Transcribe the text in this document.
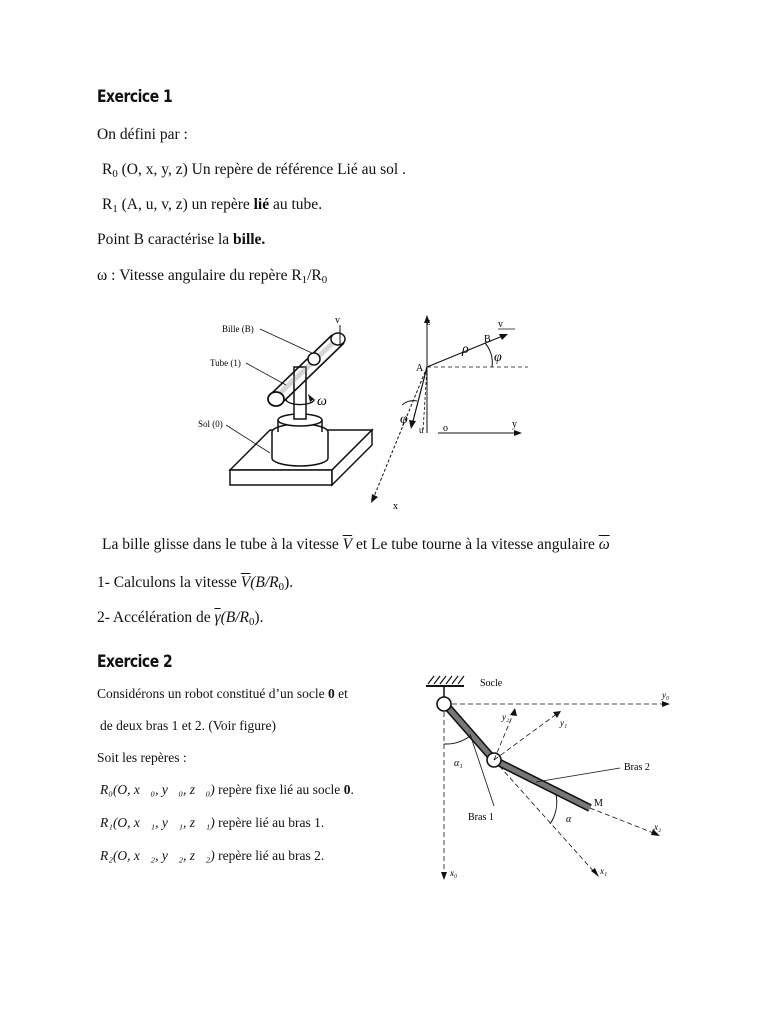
Exercice 1
On défini par :
$R_0$ (O, x, y, z) Un repère de référence Lié au sol .
$R_1$ (A, u, v, z) un repère lié au tube.
Point B caractérise la bille.
ω : Vitesse angulaire du repère $R_1/R_0$
ω
v
Bille (B)
Tube (1)
Sol (0)
z
y
o
x
A
B
ρ
v
φ
u
φ
La bille glisse dans le tube à la vitesse $\overline{V}$ et Le tube tourne à la vitesse angulaire $\overline{\omega}$
1- Calculons la vitesse $\overline{V}(B/R_0)$.
2- Accélération de $\overline{\gamma}(B/R_0)$.
Exercice 2
Considérons un robot constitué d’un socle 0 et
de deux bras 1 et 2. (Voir figure)
Soit les repères :
R₀(O, x⃗₀, y⃗₀, z⃗₀) repère fixe lié au socle 0.
R₁(O, x⃗₁, y⃗₁, z⃗₁) repère lié au bras 1.
R₂(O, x⃗₂, y⃗₂, z⃗₂) repère lié au bras 2.
Socle
y₀
x₀	x₁
x₂
M
y₁
y₂
α₁
α
Bras 2
Bras 1
